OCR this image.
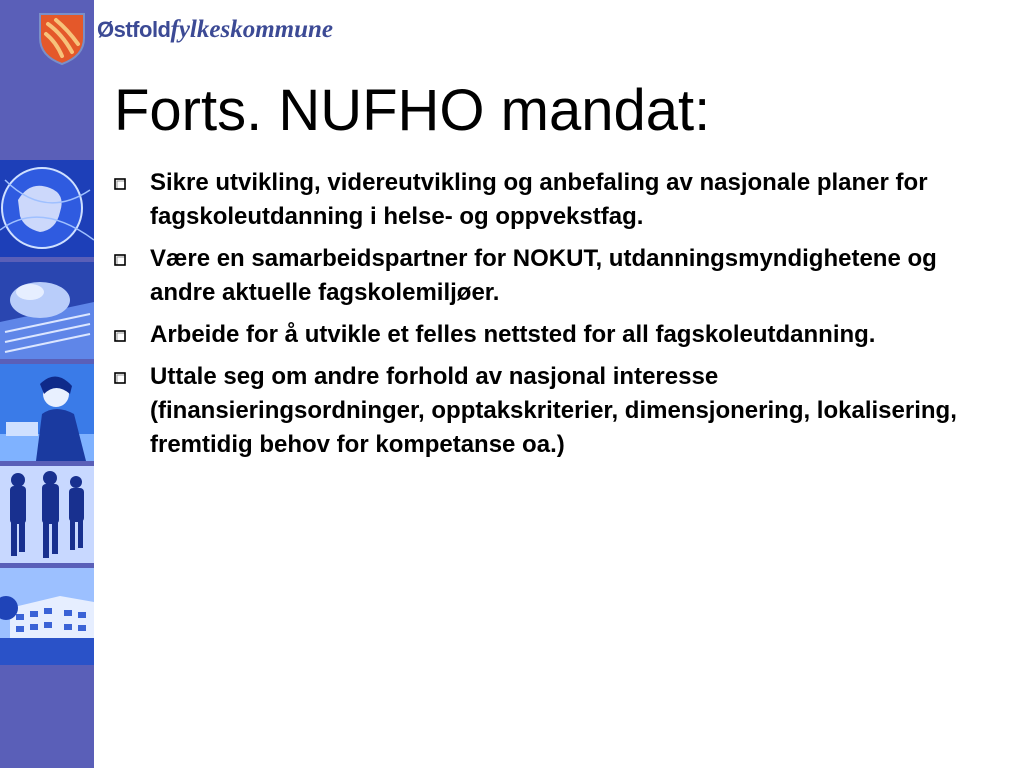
Østfoldfylkeskommune
Forts. NUFHO mandat:
Sikre utvikling, videreutvikling og anbefaling av nasjonale planer for fagskoleutdanning i helse- og oppvekstfag.
Være en samarbeidspartner for NOKUT, utdanningsmyndighetene og andre aktuelle fagskolemiljøer.
Arbeide for å utvikle et felles nettsted for all fagskoleutdanning.
Uttale seg om andre forhold av nasjonal interesse (finansieringsordninger, opptakskriterier, dimensjonering, lokalisering, fremtidig behov for kompetanse oa.)
